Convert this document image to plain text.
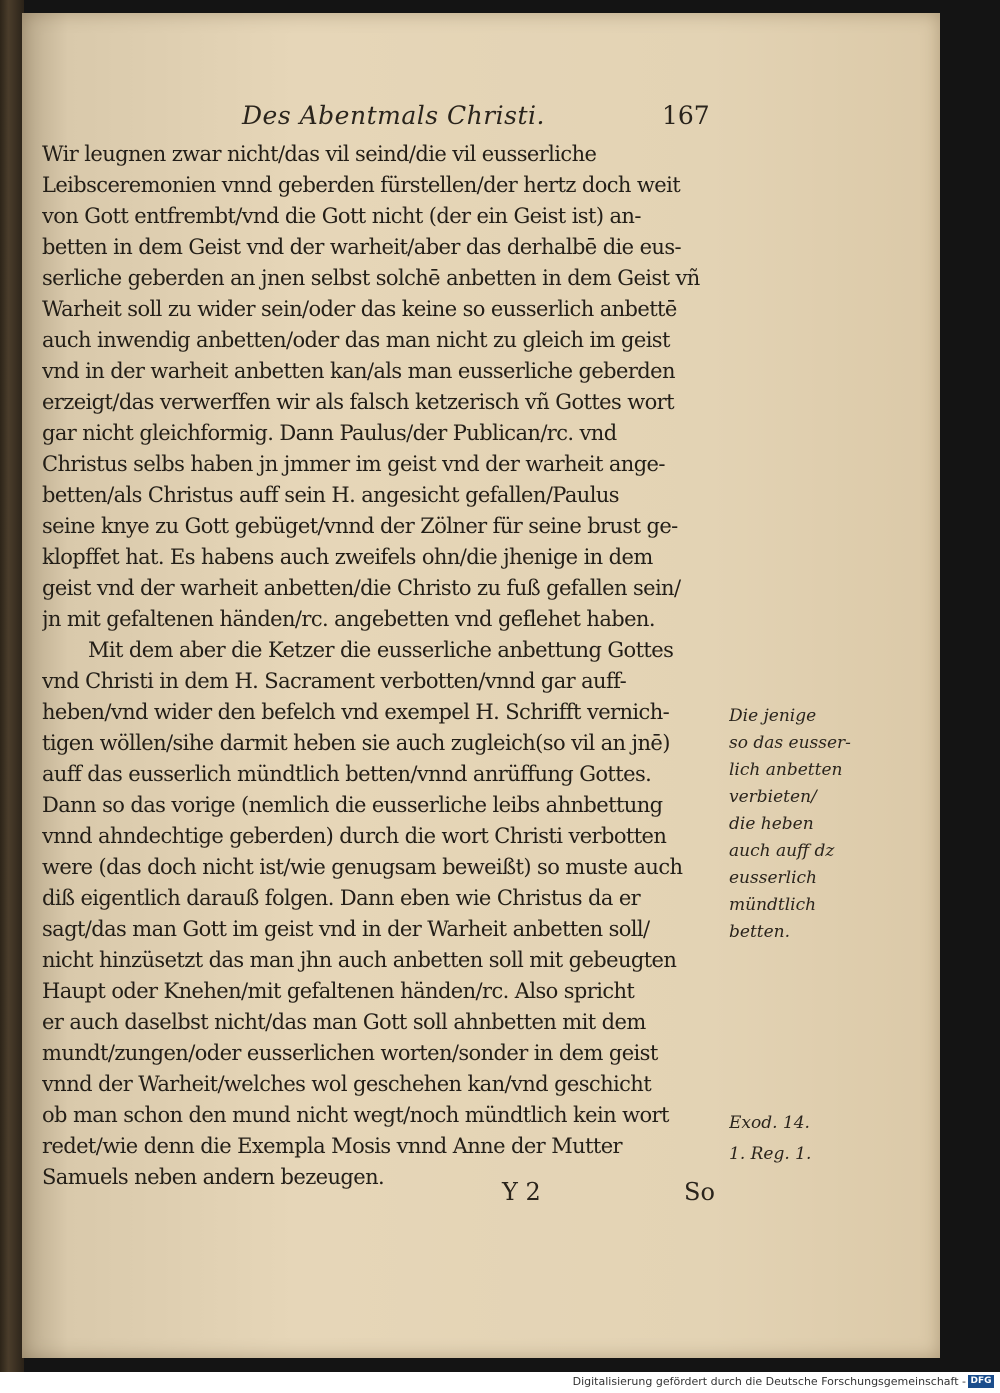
Des Abentmals Christi.	167
Wir leugnen zwar nicht/das vil seind/die vil eusserliche
Leibsceremonien vnnd geberden fürstellen/der hertz doch weit
von Gott entfrembt/vnd die Gott nicht (der ein Geist ist) an-
betten in dem Geist vnd der warheit/aber das derhalbē die eus-
serliche geberden an jnen selbst solchē anbetten in dem Geist vñ
Warheit soll zu wider sein/oder das keine so eusserlich anbettē
auch inwendig anbetten/oder das man nicht zu gleich im geist
vnd in der warheit anbetten kan/als man eusserliche geberden
erzeigt/das verwerffen wir als falsch ketzerisch vñ Gottes wort
gar nicht gleichformig. Dann Paulus/der Publican/rc. vnd
Christus selbs haben jn jmmer im geist vnd der warheit ange-
betten/als Christus auff sein H. angesicht gefallen/Paulus
seine knye zu Gott gebüget/vnnd der Zölner für seine brust ge-
klopffet hat. Es habens auch zweifels ohn/die jhenige in dem
geist vnd der warheit anbetten/die Christo zu fuß gefallen sein/
jn mit gefaltenen händen/rc. angebetten vnd geflehet haben.
Mit dem aber die Ketzer die eusserliche anbettung Gottes
vnd Christi in dem H. Sacrament verbotten/vnnd gar auff-
heben/vnd wider den befelch vnd exempel H. Schrifft vernich-
tigen wöllen/sihe darmit heben sie auch zugleich(so vil an jnē)
auff das eusserlich mündtlich betten/vnnd anrüffung Gottes.
Dann so das vorige (nemlich die eusserliche leibs ahnbettung
vnnd ahndechtige geberden) durch die wort Christi verbotten
were (das doch nicht ist/wie genugsam beweißt) so muste auch
diß eigentlich darauß folgen. Dann eben wie Christus da er
sagt/das man Gott im geist vnd in der Warheit anbetten soll/
nicht hinzüsetzt das man jhn auch anbetten soll mit gebeugten
Haupt oder Knehen/mit gefaltenen händen/rc. Also spricht
er auch daselbst nicht/das man Gott soll ahnbetten mit dem
mundt/zungen/oder eusserlichen worten/sonder in dem geist
vnnd der Warheit/welches wol geschehen kan/vnd geschicht
ob man schon den mund nicht wegt/noch mündtlich kein wort
redet/wie denn die Exempla Mosis vnnd Anne der Mutter
Samuels neben andern bezeugen.
Die jenige
so das eusser-
lich anbetten
verbieten/
die heben
auch auff dz
eusserlich
mündtlich
betten.
Exod. 14.
1. Reg. 1.
Y 2	So
Digitalisierung gefördert durch die Deutsche Forschungsgemeinschaft - DFG
